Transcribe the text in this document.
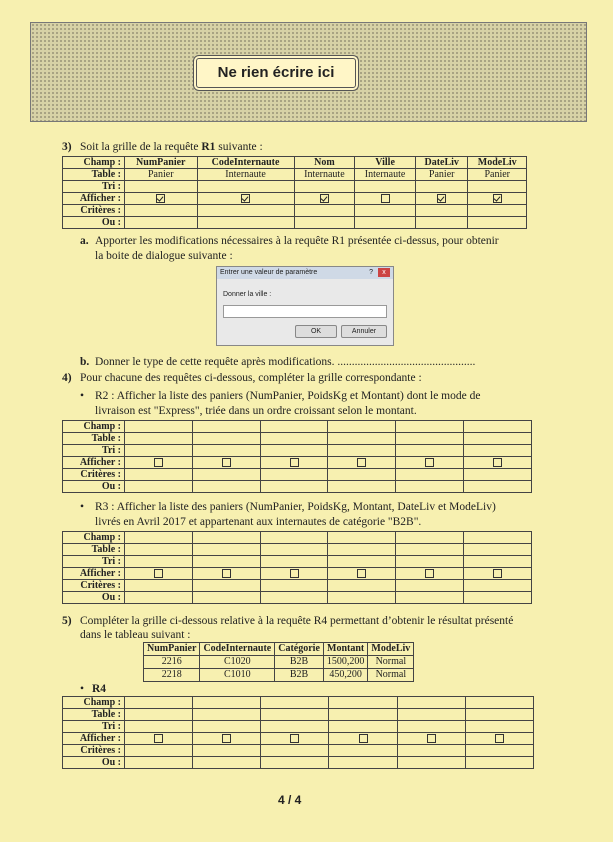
Ne rien écrire ici
3) Soit la grille de la requête R1 suivante :
Champ :	NumPanier	CodeInternaute	Nom	Ville	DateLiv	ModeLiv
Table :	Panier	Internaute	Internaute	Internaute	Panier	Panier
Tri :						
Afficher :						
Critères :						
Ou :						
a. Apporter les modifications nécessaires à la requête R1 présentée ci-dessus, pour obtenir
la boite de dialogue suivante :
Entrer une valeur de paramètre	?	x
Donner la ville :
OK	Annuler
b. Donner le type de cette requête après modifications. ................................................
4) Pour chacune des requêtes ci-dessous, compléter la grille correspondante :
• R2 : Afficher la liste des paniers (NumPanier, PoidsKg et Montant) dont le mode de
livraison est "Express", triée dans un ordre croissant selon le montant.
Champ :						
Table :						
Tri :						
Afficher :						
Critères :						
Ou :						
• R3 : Afficher la liste des paniers (NumPanier, PoidsKg, Montant, DateLiv et ModeLiv)
livrés en Avril 2017 et appartenant aux internautes de catégorie "B2B".
Champ :						
Table :						
Tri :						
Afficher :						
Critères :						
Ou :						
5) Compléter la grille ci-dessous relative à la requête R4 permettant d’obtenir le résultat présenté
dans le tableau suivant :
NumPanier	CodeInternaute	Catégorie	Montant	ModeLiv
2216	C1020	B2B	1500,200	Normal
2218	C1010	B2B	450,200	Normal
• R4
Champ :						
Table :						
Tri :						
Afficher :						
Critères :						
Ou :						
4 / 4
